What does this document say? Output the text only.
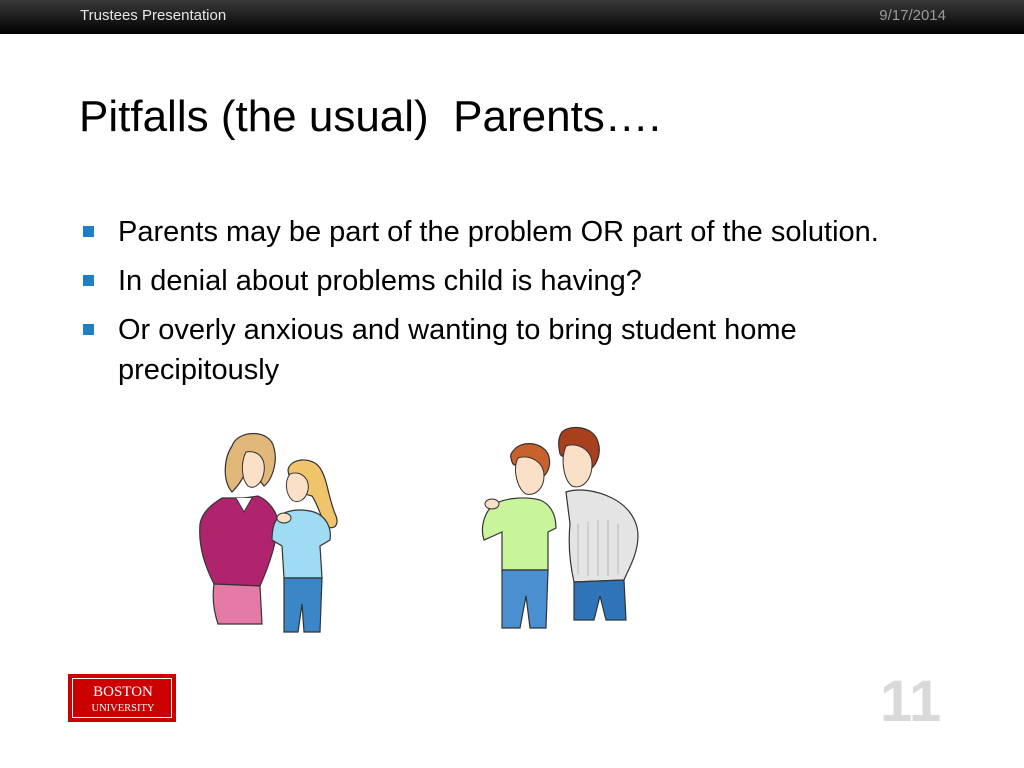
Trustees Presentation	9/17/2014
Pitfalls (the usual)  Parents….
Parents may be part of the problem OR part of the solution.
In denial about problems child is having?
Or overly anxious and wanting to bring student home precipitously
BOSTON
UNIVERSITY	11
